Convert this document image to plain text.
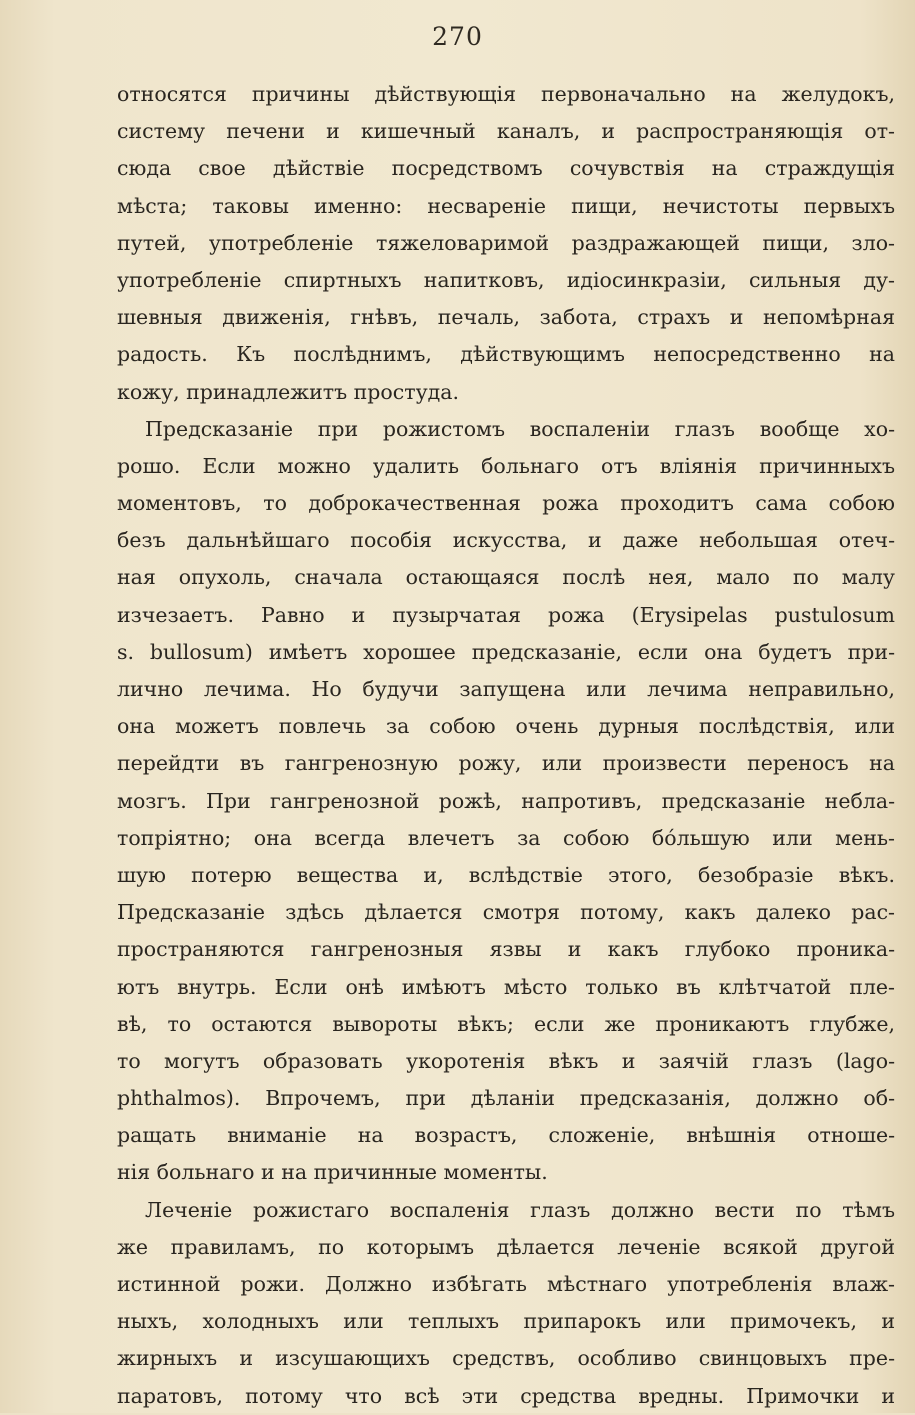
270
относятся причины дѣйствующія первоначально на желудокъ,
систему печени и кишечный каналъ, и распространяющія от-
сюда свое дѣйствіе посредствомъ сочувствія на страждущія
мѣста; таковы именно: несвареніе пищи, нечистоты первыхъ
путей, употребленіе тяжеловаримой раздражающей пищи, зло-
употребленіе спиртныхъ напитковъ, идіосинкразіи, сильныя ду-
шевныя движенія, гнѣвъ, печаль, забота, страхъ и непомѣрная
радость. Къ послѣднимъ, дѣйствующимъ непосредственно на
кожу, принадлежитъ простуда.
Предсказаніе при рожистомъ воспаленіи глазъ вообще хо-
рошо. Если можно удалить больнаго отъ вліянія причинныхъ
моментовъ, то доброкачественная рожа проходитъ сама собою
безъ дальнѣйшаго пособія искусства, и даже небольшая отеч-
ная опухоль, сначала остающаяся послѣ нея, мало по малу
изчезаетъ. Равно и пузырчатая рожа (Erysipelas pustulosum
s. bullosum) имѣетъ хорошее предсказаніе, если она будетъ при-
лично лечима. Но будучи запущена или лечима неправильно,
она можетъ повлечь за собою очень дурныя послѣдствія, или
перейдти въ гангренозную рожу, или произвести переносъ на
мозгъ. При гангренозной рожѣ, напротивъ, предсказаніе небла-
топріятно; она всегда влечетъ за собою бо́льшую или мень-
шую потерю вещества и, вслѣдствіе этого, безобразіе вѣкъ.
Предсказаніе здѣсь дѣлается смотря потому, какъ далеко рас-
пространяются гангренозныя язвы и какъ глубоко проника-
ютъ внутрь. Если онѣ имѣютъ мѣсто только въ клѣтчатой пле-
вѣ, то остаются вывороты вѣкъ; если же проникаютъ глубже,
то могутъ образовать укоротенія вѣкъ и заячій глазъ (lago-
phthalmos). Впрочемъ, при дѣланіи предсказанія, должно об-
ращать вниманіе на возрастъ, сложеніе, внѣшнія отноше-
нія больнаго и на причинные моменты.
Леченіе рожистаго воспаленія глазъ должно вести по тѣмъ
же правиламъ, по которымъ дѣлается леченіе всякой другой
истинной рожи. Должно избѣгать мѣстнаго употребленія влаж-
ныхъ, холодныхъ или теплыхъ припарокъ или примочекъ, и
жирныхъ и изсушающихъ средствъ, особливо свинцовыхъ пре-
паратовъ, потому что всѣ эти средства вредны. Примочки и
